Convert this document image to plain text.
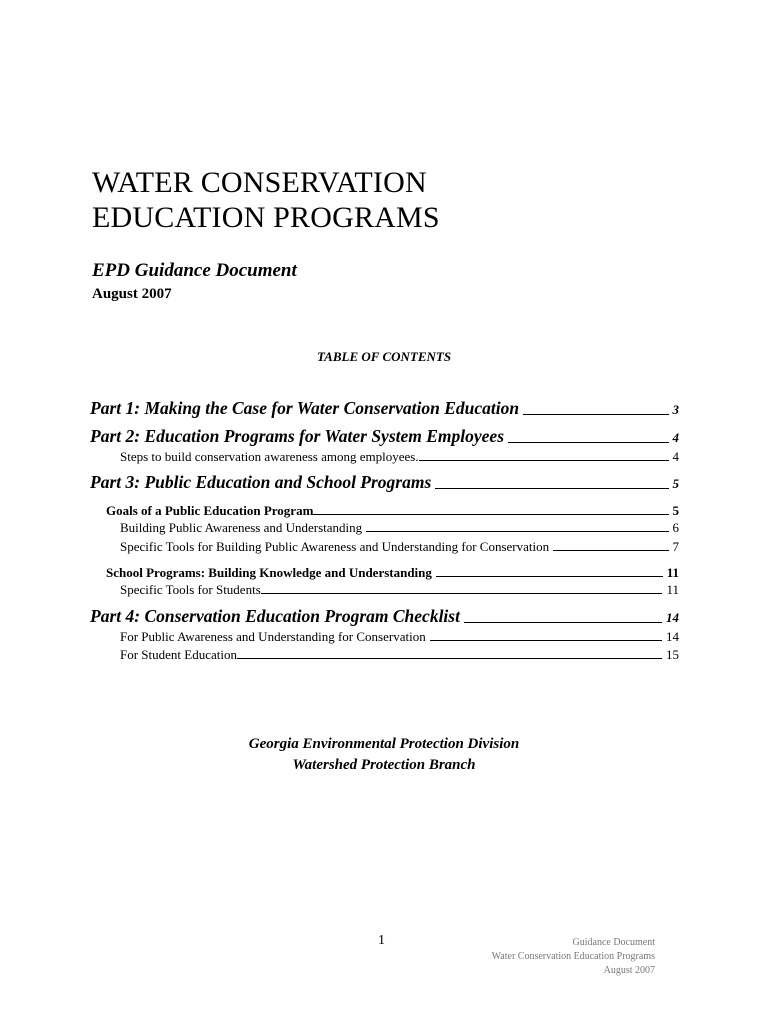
WATER CONSERVATION
EDUCATION PROGRAMS
EPD Guidance Document
August 2007
TABLE OF CONTENTS
Part 1: Making the Case for Water Conservation Education	3
Part 2: Education Programs for Water System Employees	4
Steps to build conservation awareness among employees.	4
Part 3: Public Education and School Programs	5
Goals of a Public Education Program	5
Building Public Awareness and Understanding	6
Specific Tools for Building Public Awareness and Understanding for Conservation	7
School Programs: Building Knowledge and Understanding	11
Specific Tools for Students	11
Part 4: Conservation Education Program Checklist	14
For Public Awareness and Understanding for Conservation	14
For Student Education	15
Georgia Environmental Protection Division
Watershed Protection Branch
1	Guidance Document
Water Conservation Education Programs
August 2007
